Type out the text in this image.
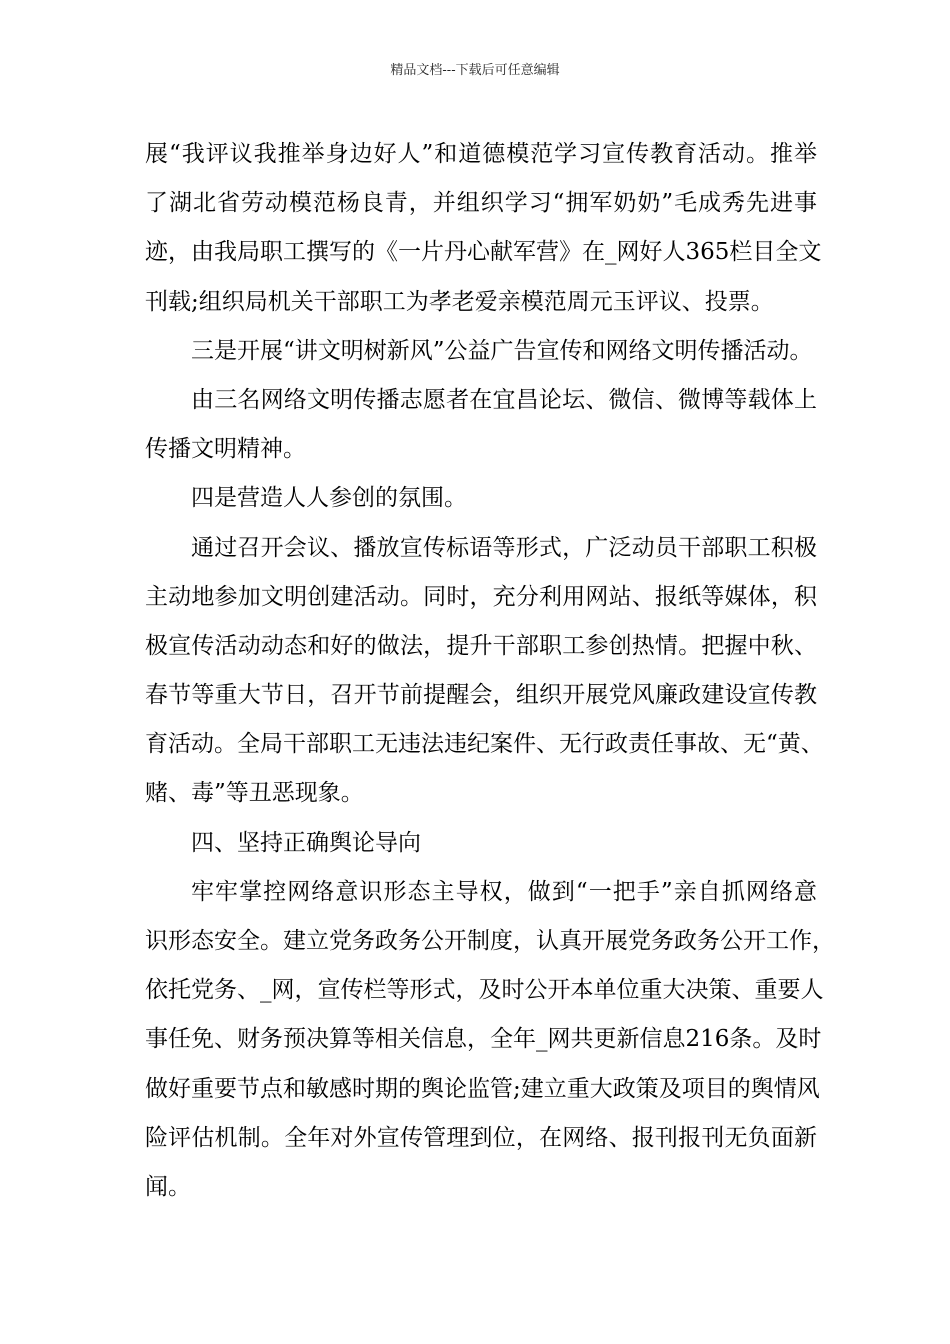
精品文档---下载后可任意编辑
展“我评议我推举身边好人”和道德模范学习宣传教育活动。推举
了湖北省劳动模范杨良青，并组织学习“拥军奶奶”毛成秀先进事
迹，由我局职工撰写的《一片丹心献军营》在_网好人365栏目全文
刊载;组织局机关干部职工为孝老爱亲模范周元玉评议、投票。
三是开展“讲文明树新风”公益广告宣传和网络文明传播活动。
由三名网络文明传播志愿者在宜昌论坛、微信、微博等载体上
传播文明精神。
四是营造人人参创的氛围。
通过召开会议、播放宣传标语等形式，广泛动员干部职工积极
主动地参加文明创建活动。同时，充分利用网站、报纸等媒体，积
极宣传活动动态和好的做法，提升干部职工参创热情。把握中秋、
春节等重大节日，召开节前提醒会，组织开展党风廉政建设宣传教
育活动。全局干部职工无违法违纪案件、无行政责任事故、无“黄、
赌、毒”等丑恶现象。
四、坚持正确舆论导向
牢牢掌控网络意识形态主导权，做到“一把手”亲自抓网络意
识形态安全。建立党务政务公开制度，认真开展党务政务公开工作，
依托党务、_网，宣传栏等形式，及时公开本单位重大决策、重要人
事任免、财务预决算等相关信息，全年_网共更新信息216条。及时
做好重要节点和敏感时期的舆论监管;建立重大政策及项目的舆情风
险评估机制。全年对外宣传管理到位，在网络、报刊报刊无负面新
闻。
